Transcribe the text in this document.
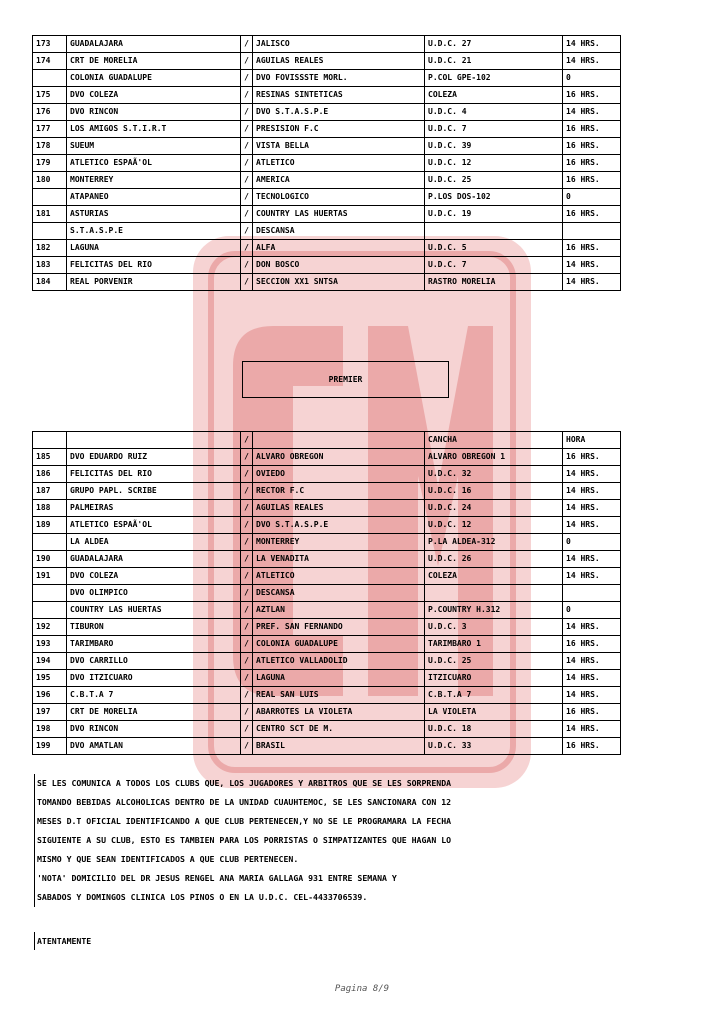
173	GUADALAJARA	/	JALISCO	U.D.C. 27	14 HRS.
174	CRT DE MORELIA	/	AGUILAS REALES	U.D.C. 21	14 HRS.
	COLONIA GUADALUPE	/	DVO FOVISSSTE MORL.	P.COL GPE-102	0
175	DVO COLEZA	/	RESINAS SINTETICAS	COLEZA	16 HRS.
176	DVO RINCON	/	DVO S.T.A.S.P.E	U.D.C. 4	14 HRS.
177	LOS AMIGOS S.T.I.R.T	/	PRESISION F.C	U.D.C. 7	16 HRS.
178	SUEUM	/	VISTA BELLA	U.D.C. 39	16 HRS.
179	ATLETICO ESPAÃ'OL	/	ATLETICO	U.D.C. 12	16 HRS.
180	MONTERREY	/	AMERICA	U.D.C. 25	16 HRS.
	ATAPANEO	/	TECNOLOGICO	P.LOS DOS-102	0
181	ASTURIAS	/	COUNTRY LAS HUERTAS	U.D.C. 19	16 HRS.
	S.T.A.S.P.E	/	DESCANSA		
182	LAGUNA	/	ALFA	U.D.C. 5	16 HRS.
183	FELICITAS DEL RIO	/	DON BOSCO	U.D.C. 7	14 HRS.
184	REAL PORVENIR	/	SECCION XX1 SNTSA	RASTRO MORELIA	14 HRS.
PREMIER
		/		CANCHA	HORA
185	DVO EDUARDO RUIZ	/	ALVARO OBREGON	ALVARO OBREGON 1	16 HRS.
186	FELICITAS DEL RIO	/	OVIEDO	U.D.C. 32	14 HRS.
187	GRUPO PAPL. SCRIBE	/	RECTOR F.C	U.D.C. 16	14 HRS.
188	PALMEIRAS	/	AGUILAS REALES	U.D.C. 24	14 HRS.
189	ATLETICO ESPAÃ'OL	/	DVO S.T.A.S.P.E	U.D.C. 12	14 HRS.
	LA ALDEA	/	MONTERREY	P.LA ALDEA-312	0
190	GUADALAJARA	/	LA VENADITA	U.D.C. 26	14 HRS.
191	DVO COLEZA	/	ATLETICO	COLEZA	14 HRS.
	DVO OLIMPICO	/	DESCANSA		
	COUNTRY LAS HUERTAS	/	AZTLAN	P.COUNTRY H.312	0
192	TIBURON	/	PREF. SAN FERNANDO	U.D.C. 3	14 HRS.
193	TARIMBARO	/	COLONIA GUADALUPE	TARIMBARO 1	16 HRS.
194	DVO CARRILLO	/	ATLETICO VALLADOLID	U.D.C. 25	14 HRS.
195	DVO ITZICUARO	/	LAGUNA	ITZICUARO	14 HRS.
196	C.B.T.A 7	/	REAL SAN LUIS	C.B.T.A 7	14 HRS.
197	CRT DE MORELIA	/	ABARROTES LA VIOLETA	LA VIOLETA	16 HRS.
198	DVO RINCON	/	CENTRO SCT DE M.	U.D.C. 18	14 HRS.
199	DVO AMATLAN	/	BRASIL	U.D.C. 33	16 HRS.
SE LES COMUNICA A TODOS LOS CLUBS QUE, LOS JUGADORES Y ARBITROS QUE SE LES SORPRENDA
TOMANDO BEBIDAS ALCOHOLICAS DENTRO DE LA UNIDAD CUAUHTEMOC, SE LES SANCIONARA CON 12
MESES D.T OFICIAL IDENTIFICANDO A QUE CLUB PERTENECEN,Y NO SE LE PROGRAMARA LA FECHA
SIGUIENTE A SU CLUB, ESTO ES TAMBIEN PARA LOS PORRISTAS O SIMPATIZANTES QUE HAGAN LO
MISMO Y QUE SEAN IDENTIFICADOS A QUE CLUB PERTENECEN.
'NOTA' DOMICILIO DEL DR JESUS RENGEL ANA MARIA GALLAGA 931 ENTRE SEMANA Y
SABADOS Y DOMINGOS CLINICA LOS PINOS O EN LA U.D.C. CEL-4433706539.
ATENTAMENTE
Pagina 8/9
